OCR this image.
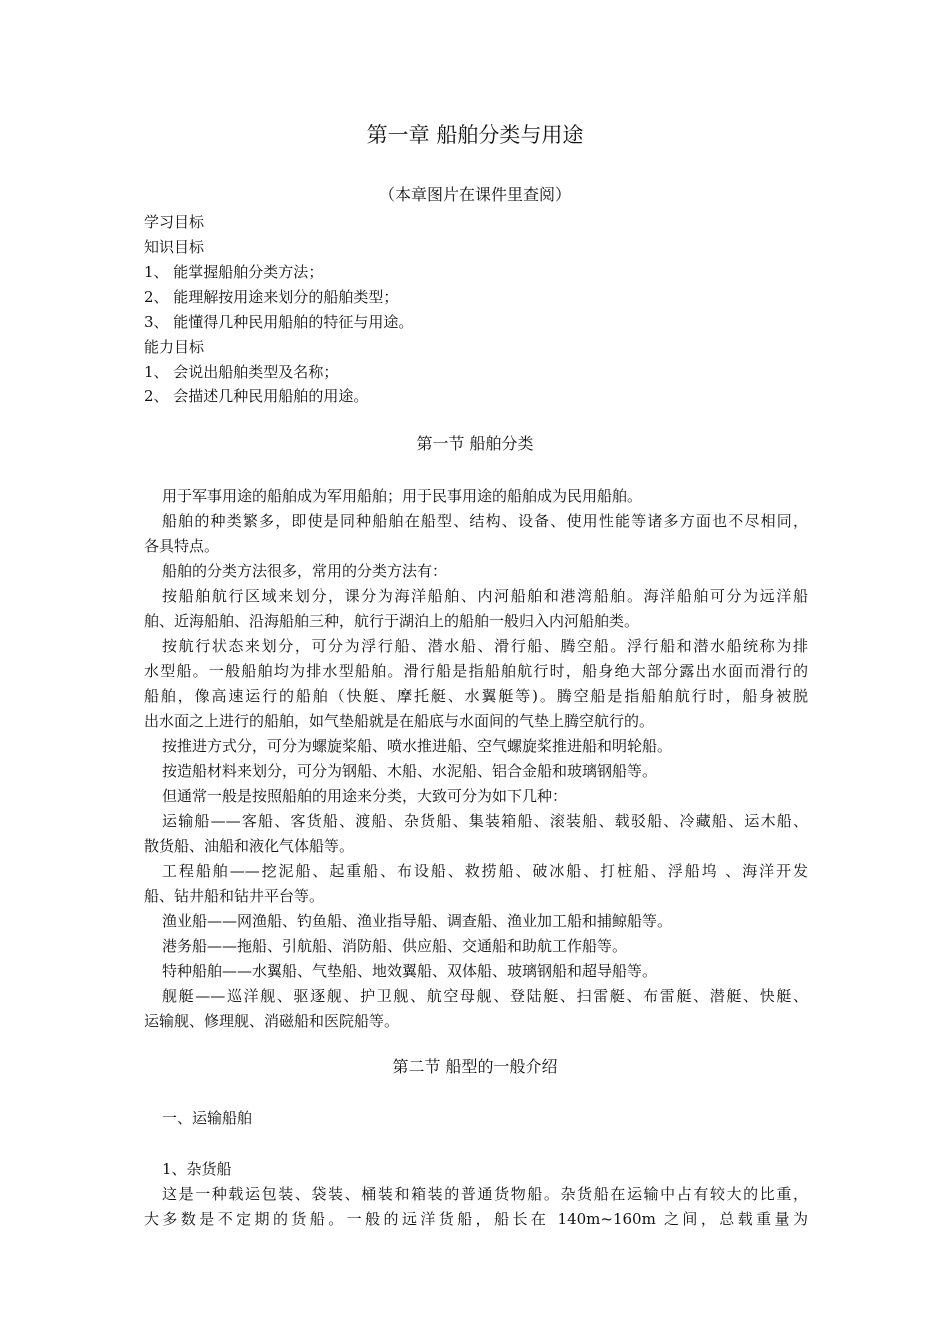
第一章 船舶分类与用途
（本章图片在课件里查阅）
学习目标
知识目标
1、 能掌握船舶分类方法；
2、 能理解按用途来划分的船舶类型；
3、 能懂得几种民用船舶的特征与用途。
能力目标
1、 会说出船舶类型及名称；
2、 会描述几种民用船舶的用途。
第一节 船舶分类
用于军事用途的船舶成为军用船舶；用于民事用途的船舶成为民用船舶。
船舶的种类繁多，即使是同种船舶在船型、结构、设备、使用性能等诸多方面也不尽相同，
各具特点。
船舶的分类方法很多，常用的分类方法有：
按船舶航行区域来划分，课分为海洋船舶、内河船舶和港湾船舶。海洋船舶可分为远洋船
舶、近海船舶、沿海船舶三种，航行于湖泊上的船舶一般归入内河船舶类。
按航行状态来划分，可分为浮行船、潜水船、滑行船、腾空船。浮行船和潜水船统称为排
水型船。一般船舶均为排水型船舶。滑行船是指船舶航行时，船身绝大部分露出水面而滑行的
船舶，像高速运行的船舶（快艇、摩托艇、水翼艇等)。腾空船是指船舶航行时，船身被脱
出水面之上进行的船舶，如气垫船就是在船底与水面间的气垫上腾空航行的。
按推进方式分，可分为螺旋桨船、喷水推进船、空气螺旋桨推进船和明轮船。
按造船材料来划分，可分为钢船、木船、水泥船、铝合金船和玻璃钢船等。
但通常一般是按照船舶的用途来分类，大致可分为如下几种：
运输船——客船、客货船、渡船、杂货船、集装箱船、滚装船、载驳船、冷藏船、运木船、
散货船、油船和液化气体船等。
工程船舶——挖泥船、起重船、布设船、救捞船、破冰船、打桩船、浮船坞 、海洋开发
船、钻井船和钻井平台等。
渔业船——网渔船、钓鱼船、渔业指导船、调查船、渔业加工船和捕鲸船等。
港务船——拖船、引航船、消防船、供应船、交通船和助航工作船等。
特种船舶——水翼船、气垫船、地效翼船、双体船、玻璃钢船和超导船等。
舰艇——巡洋舰、驱逐舰、护卫舰、航空母舰、登陆艇、扫雷艇、布雷艇、潜艇、快艇、
运输舰、修理舰、消磁船和医院船等。
第二节 船型的一般介绍
一、运输船舶
1、杂货船
这是一种载运包装、袋装、桶装和箱装的普通货物船。杂货船在运输中占有较大的比重，
大多数是不定期的货船。一般的远洋货船，船长在 140m~160m 之间，总载重量为
